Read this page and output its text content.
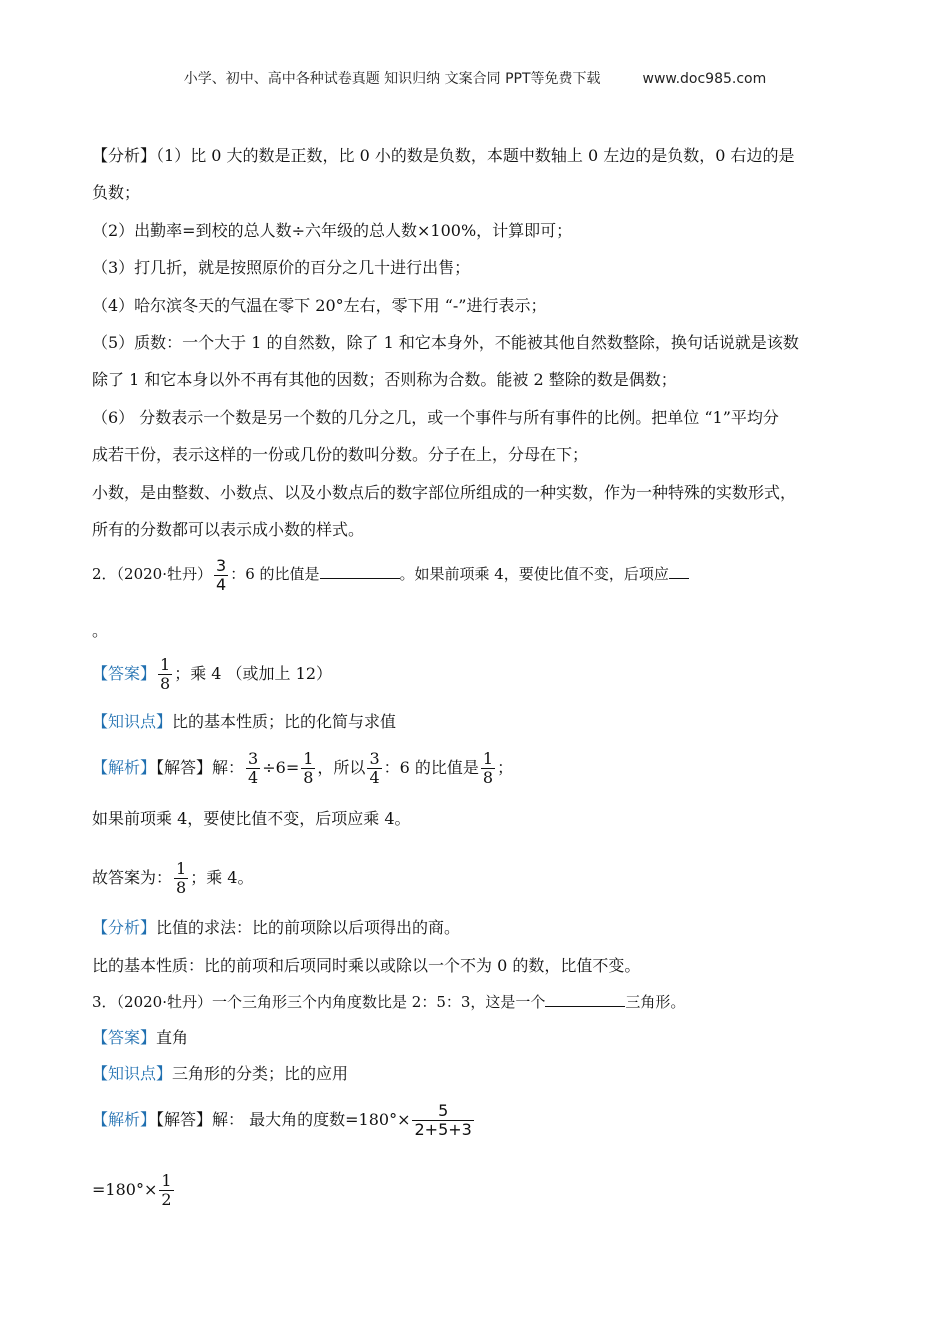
小学、初中、高中各种试卷真题 知识归纳 文案合同 PPT等免费下载	www.doc985.com
【分析】（1）比 0 大的数是正数，比 0 小的数是负数，本题中数轴上 0 左边的是负数，0 右边的是
负数；
（2）出勤率=到校的总人数÷六年级的总人数×100%，计算即可；
（3）打几折，就是按照原价的百分之几十进行出售；
（4）哈尔滨冬天的气温在零下 20°左右，零下用 “-”进行表示；
（5）质数：一个大于 1 的自然数，除了 1 和它本身外，不能被其他自然数整除，换句话说就是该数
除了 1 和它本身以外不再有其他的因数；否则称为合数。能被 2 整除的数是偶数；
（6） 分数表示一个数是另一个数的几分之几，或一个事件与所有事件的比例。把单位 “1”平均分
成若干份，表示这样的一份或几份的数叫分数。分子在上，分母在下；
小数，是由整数、小数点、以及小数点后的数字部位所组成的一种实数，作为一种特殊的实数形式，
所有的分数都可以表示成小数的样式。
2．（2020·牡丹） $\frac{3}{4}$ ：6 的比值是	。如果前项乘 4，要使比值不变，后项应
。
【答案】 $\frac{1}{8}$ ；乘 4 （或加上 12）
【知识点】比的基本性质；比的化简与求值
【解析】【解答】解： $\frac{3}{4} \div 6= \frac{1}{8}$ ，所以 $\frac{3}{4}$ ：6 的比值是 $\frac{1}{8}$ ；
如果前项乘 4，要使比值不变，后项应乘 4。
故答案为： $\frac{1}{8}$ ；乘 4。
【分析】比值的求法：比的前项除以后项得出的商。
比的基本性质：比的前项和后项同时乘以或除以一个不为 0 的数，比值不变。
3．（2020·牡丹）一个三角形三个内角度数比是 2：5：3，这是一个	三角形。
【答案】直角
【知识点】三角形的分类；比的应用
【解析】【解答】解： 最大角的度数$=180^\circ\times \frac{5}{2+5+3}$
$=180^\circ\times \frac{1}{2}$
